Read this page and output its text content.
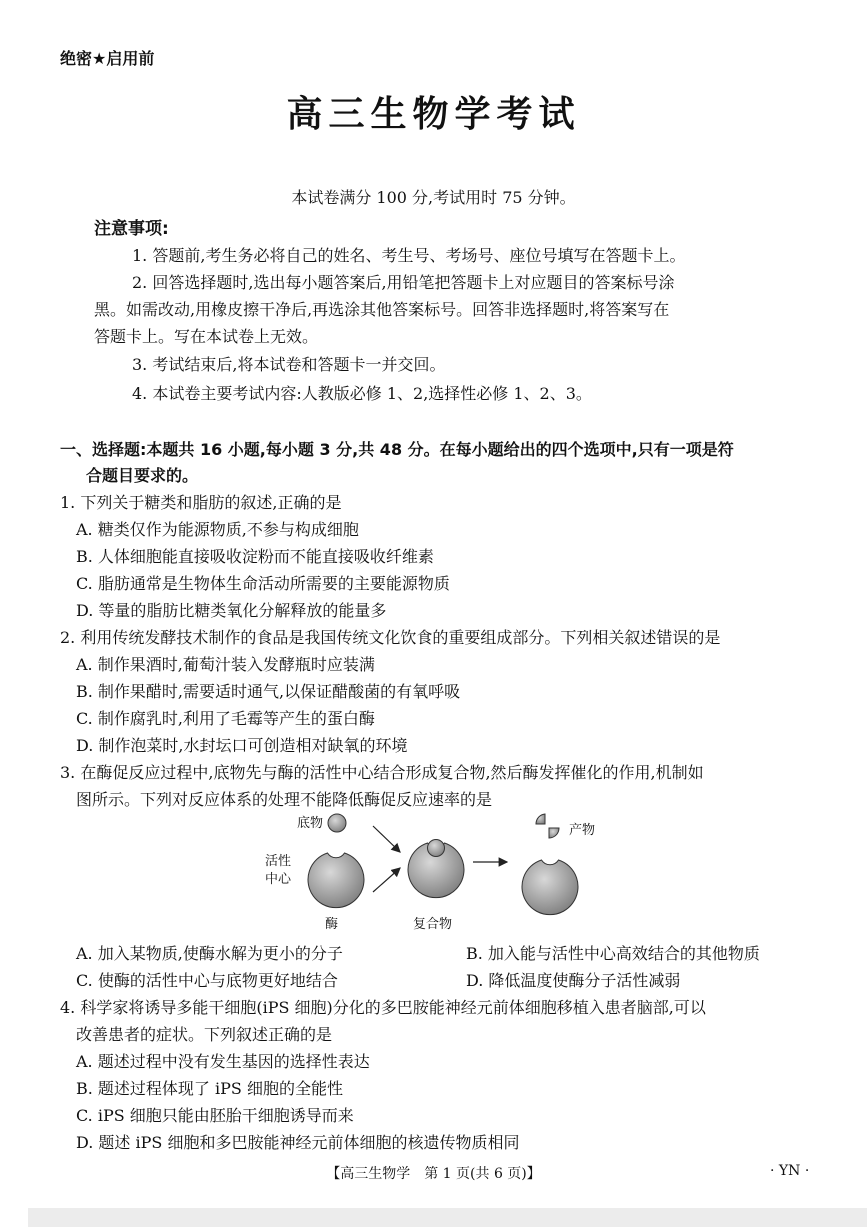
绝密★启用前
高三生物学考试
本试卷满分 100 分,考试用时 75 分钟。
注意事项:
1. 答题前,考生务必将自己的姓名、考生号、考场号、座位号填写在答题卡上。
2. 回答选择题时,选出每小题答案后,用铅笔把答题卡上对应题目的答案标号涂
黑。如需改动,用橡皮擦干净后,再选涂其他答案标号。回答非选择题时,将答案写在
答题卡上。写在本试卷上无效。
3. 考试结束后,将本试卷和答题卡一并交回。
4. 本试卷主要考试内容:人教版必修 1、2,选择性必修 1、2、3。
一、选择题:本题共 16 小题,每小题 3 分,共 48 分。在每小题给出的四个选项中,只有一项是符
合题目要求的。
1. 下列关于糖类和脂肪的叙述,正确的是
A. 糖类仅作为能源物质,不参与构成细胞
B. 人体细胞能直接吸收淀粉而不能直接吸收纤维素
C. 脂肪通常是生物体生命活动所需要的主要能源物质
D. 等量的脂肪比糖类氧化分解释放的能量多
2. 利用传统发酵技术制作的食品是我国传统文化饮食的重要组成部分。下列相关叙述错误的是
A. 制作果酒时,葡萄汁装入发酵瓶时应装满
B. 制作果醋时,需要适时通气,以保证醋酸菌的有氧呼吸
C. 制作腐乳时,利用了毛霉等产生的蛋白酶
D. 制作泡菜时,水封坛口可创造相对缺氧的环境
3. 在酶促反应过程中,底物先与酶的活性中心结合形成复合物,然后酶发挥催化的作用,机制如
图所示。下列对反应体系的处理不能降低酶促反应速率的是
底物
活性
中心
酶	复合物
产物
A. 加入某物质,使酶水解为更小的分子	B. 加入能与活性中心高效结合的其他物质
C. 使酶的活性中心与底物更好地结合	D. 降低温度使酶分子活性减弱
4. 科学家将诱导多能干细胞(iPS 细胞)分化的多巴胺能神经元前体细胞移植入患者脑部,可以
改善患者的症状。下列叙述正确的是
A. 题述过程中没有发生基因的选择性表达
B. 题述过程体现了 iPS 细胞的全能性
C. iPS 细胞只能由胚胎干细胞诱导而来
D. 题述 iPS 细胞和多巴胺能神经元前体细胞的核遗传物质相同
【高三生物学　第 1 页(共 6 页)】	· YN ·
